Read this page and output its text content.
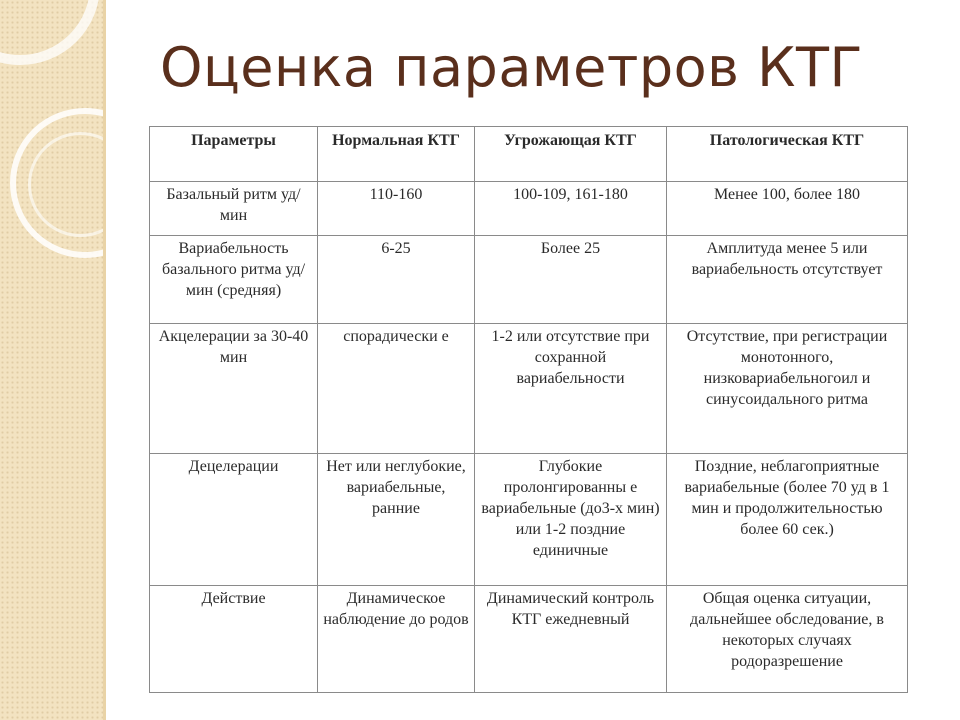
Оценка параметров КТГ
Параметры	Нормальная КТГ	Угрожающая КТГ	Патологическая КТГ
Базальный ритм уд/мин	110-160	100-109, 161-180	Менее 100, более 180
Вариабельность базального ритма уд/мин (средняя)	6-25	Более 25	Амплитуда менее 5 или вариабельность отсутствует
Акцелерации за 30-40 мин	спорадически е	1-2 или отсутствие при сохранной вариабельности	Отсутствие, при регистрации монотонного, низковариабельногоил и синусоидального ритма
Децелерации	Нет или неглубокие, вариабельные, ранние	Глубокие пролонгированны е вариабельные (до3-х мин) или 1-2 поздние единичные	Поздние, неблагоприятные вариабельные (более 70 уд в 1 мин и продолжительностью более 60 сек.)
Действие	Динамическое наблюдение до родов	Динамический контроль КТГ ежедневный	Общая оценка ситуации, дальнейшее обследование, в некоторых случаях родоразрешение
